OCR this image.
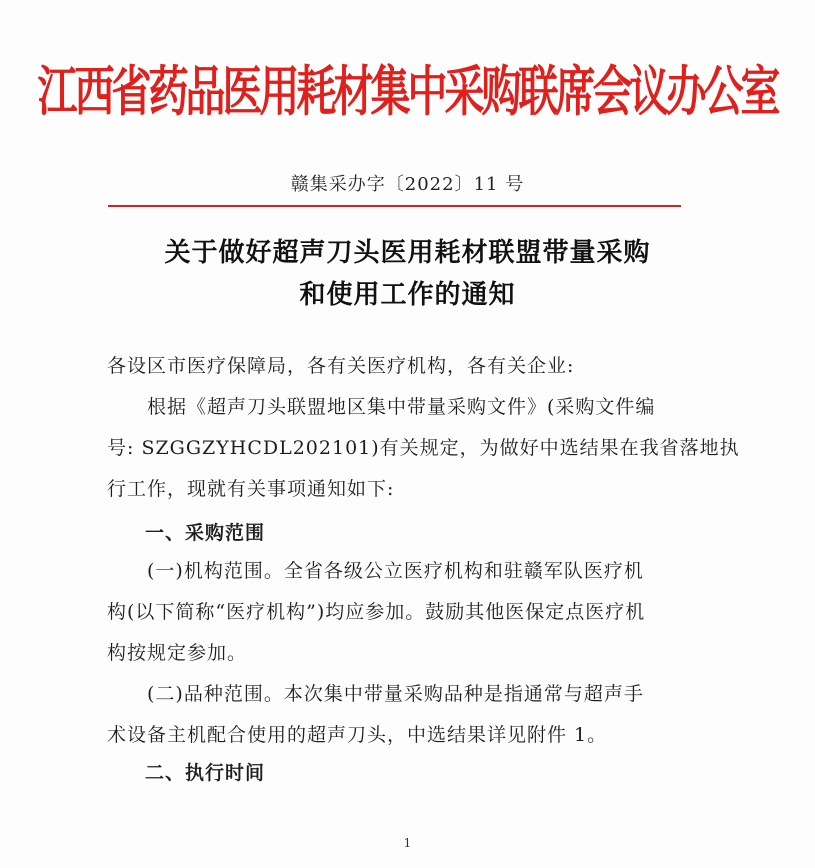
江西省药品医用耗材集中采购联席会议办公室
赣集采办字〔2022〕11 号
关于做好超声刀头医用耗材联盟带量采购
和使用工作的通知
各设区市医疗保障局，各有关医疗机构，各有关企业:
　　根据《超声刀头联盟地区集中带量采购文件》(采购文件编
号: SZGGZYHCDL202101)有关规定，为做好中选结果在我省落地执
行工作，现就有关事项通知如下:
一、采购范围
　　(一)机构范围。全省各级公立医疗机构和驻赣军队医疗机
构(以下简称“医疗机构”)均应参加。鼓励其他医保定点医疗机
构按规定参加。
　　(二)品种范围。本次集中带量采购品种是指通常与超声手
术设备主机配合使用的超声刀头，中选结果详见附件 1。
二、执行时间
1
